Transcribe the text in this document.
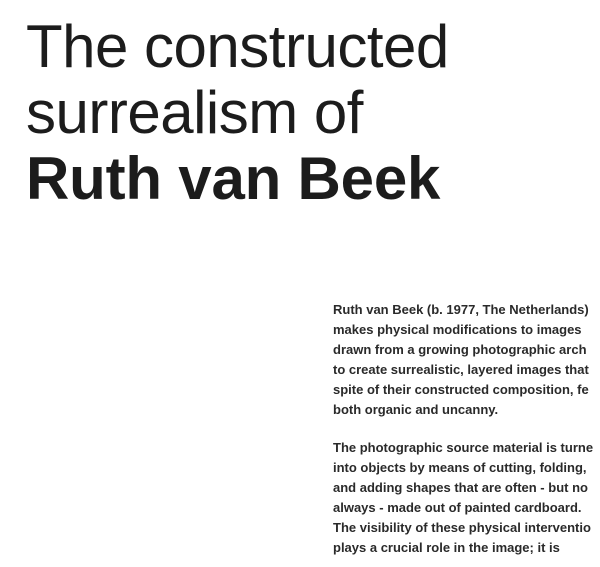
The constructed
surrealism of
Ruth van Beek

Ruth van Beek (b. 1977, The Netherlands)
makes physical modifications to images
drawn from a growing photographic arch
to create surrealistic, layered images that
spite of their constructed composition, fe
both organic and uncanny.

The photographic source material is turne
into objects by means of cutting, folding,
and adding shapes that are often - but no
always - made out of painted cardboard.
The visibility of these physical interventio
plays a crucial role in the image; it is
